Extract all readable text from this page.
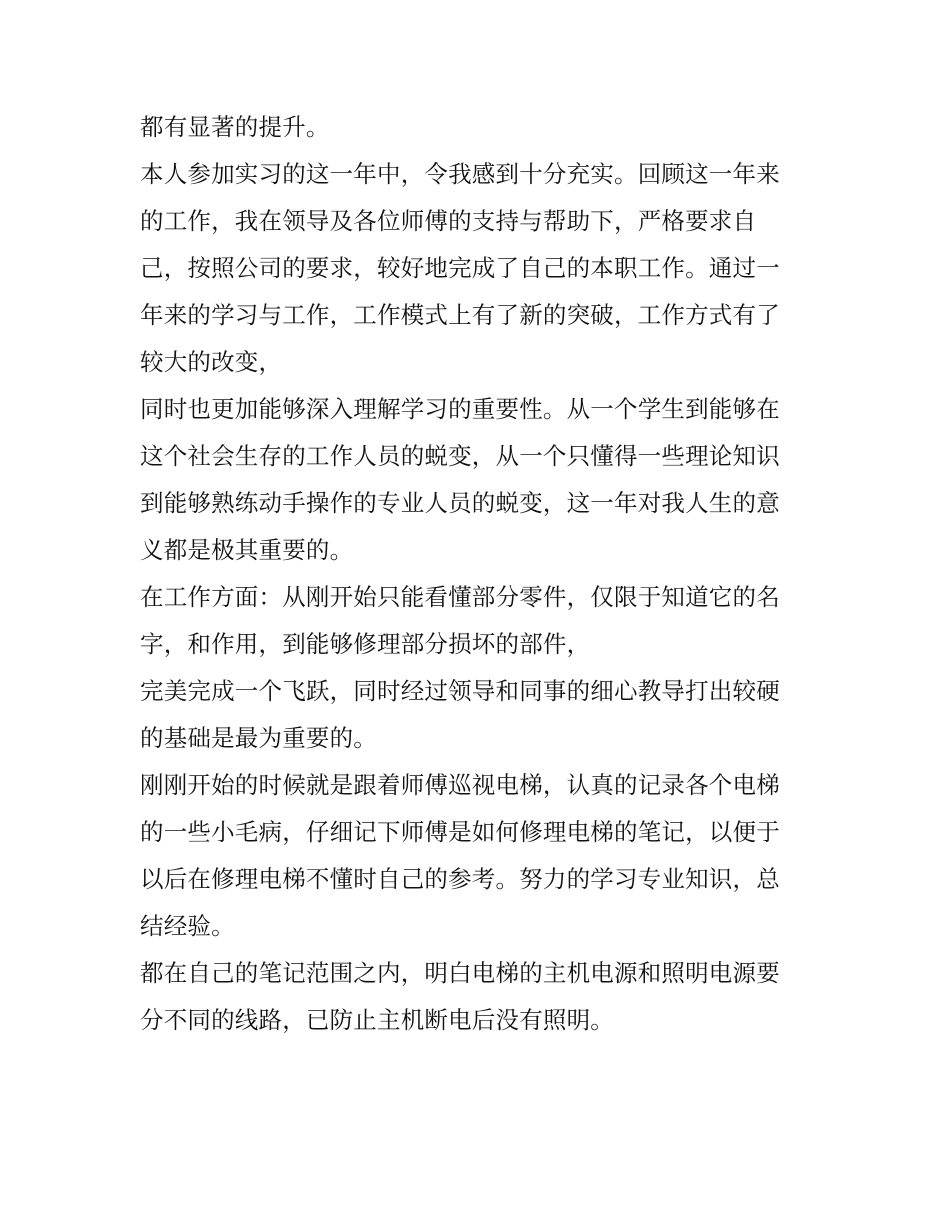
都有显著的提升。
本人参加实习的这一年中，令我感到十分充实。回顾这一年来
的工作，我在领导及各位师傅的支持与帮助下，严格要求自
己，按照公司的要求，较好地完成了自己的本职工作。通过一
年来的学习与工作，工作模式上有了新的突破，工作方式有了
较大的改变，
同时也更加能够深入理解学习的重要性。从一个学生到能够在
这个社会生存的工作人员的蜕变，从一个只懂得一些理论知识
到能够熟练动手操作的专业人员的蜕变，这一年对我人生的意
义都是极其重要的。
在工作方面：从刚开始只能看懂部分零件，仅限于知道它的名
字，和作用，到能够修理部分损坏的部件，
完美完成一个飞跃，同时经过领导和同事的细心教导打出较硬
的基础是最为重要的。
刚刚开始的时候就是跟着师傅巡视电梯，认真的记录各个电梯
的一些小毛病，仔细记下师傅是如何修理电梯的笔记，以便于
以后在修理电梯不懂时自己的参考。努力的学习专业知识，总
结经验。
都在自己的笔记范围之内，明白电梯的主机电源和照明电源要
分不同的线路，已防止主机断电后没有照明。
